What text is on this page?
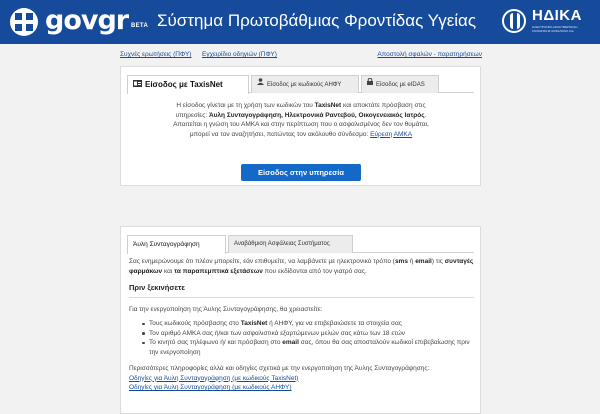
govgr BETA Σύστημα Πρωτοβάθμιας Φροντίδας Υγείας	ΗΔΙΚΑ
ΗΛΕΚΤΡΟΝΙΚΗ ΔΙΑΚΥΒΕΡΝΗΣΗ ΚΟΙΝΩΝΙΚΗΣ ΑΣΦΑΛΙΣΗΣ Α.Ε.
Συχνές ερωτήσεις (ΠΦΥ) Εγχειρίδιο οδηγιών (ΠΦΥ)	Αποστολή σφαλών - παρατηρήσεων
Είσοδος με TaxisNet	Είσοδος με κωδικούς ΑΗΦΥ	Είσοδος με eIDAS
Η είσοδος γίνεται με τη χρήση των κωδικών του TaxisNet και αποκτάτε πρόσβαση στις υπηρεσίες: Άυλη Συνταγογράφηση, Ηλεκτρονικά Ραντεβού, Οικογενειακός Ιατρός. Απαιτείται η γνώση του ΑΜΚΑ και στην περίπτωση που ο ασφαλισμένος δεν τον θυμάται, μπορεί να τον αναζητήσει, πατώντας τον ακόλουθο σύνδεσμο: Εύρεση ΑΜΚΑ
Είσοδος στην υπηρεσία
Άυλη Συνταγογράφηση	Αναβάθμιση Ασφάλειας Συστήματος

Σας ενημερώνουμε ότι πλέον μπορείτε, εάν επιθυμείτε, να λαμβάνετε με ηλεκτρονικό τρόπο (sms ή email) τις συνταγές φαρμάκων και τα παραπεμπτικά εξετάσεων που εκδίδονται από τον γιατρό σας.

Πριν ξεκινήσετε

Για την ενεργοποίηση της Άυλης Συνταγογράφησης, θα χρειαστείτε:

Τους κωδικούς πρόσβασης στο TaxisNet ή ΑΗΦΥ, για να επιβεβαιώσετε τα στοιχεία σας
Τον αριθμό ΑΜΚΑ σας ή/και των ασφαλιστικά εξαρτώμενων μελών σας κάτω των 18 ετών
Το κινητό σας τηλέφωνο ή/ και πρόσβαση στο email σας, όπου θα σας αποσταλούν κωδικοί επιβεβαίωσης πριν την ενεργοποίηση

Περισσότερες πληροφορίες αλλά και οδηγίες σχετικά με την ενεργοποίηση της Άυλης Συνταγογράφησης:

Οδηγίες για Άυλη Συνταγογράφηση (με κωδικούς TaxisNet)
Οδηγίες για Άυλη Συνταγογράφηση (με κωδικούς ΑΗΦΥ)
